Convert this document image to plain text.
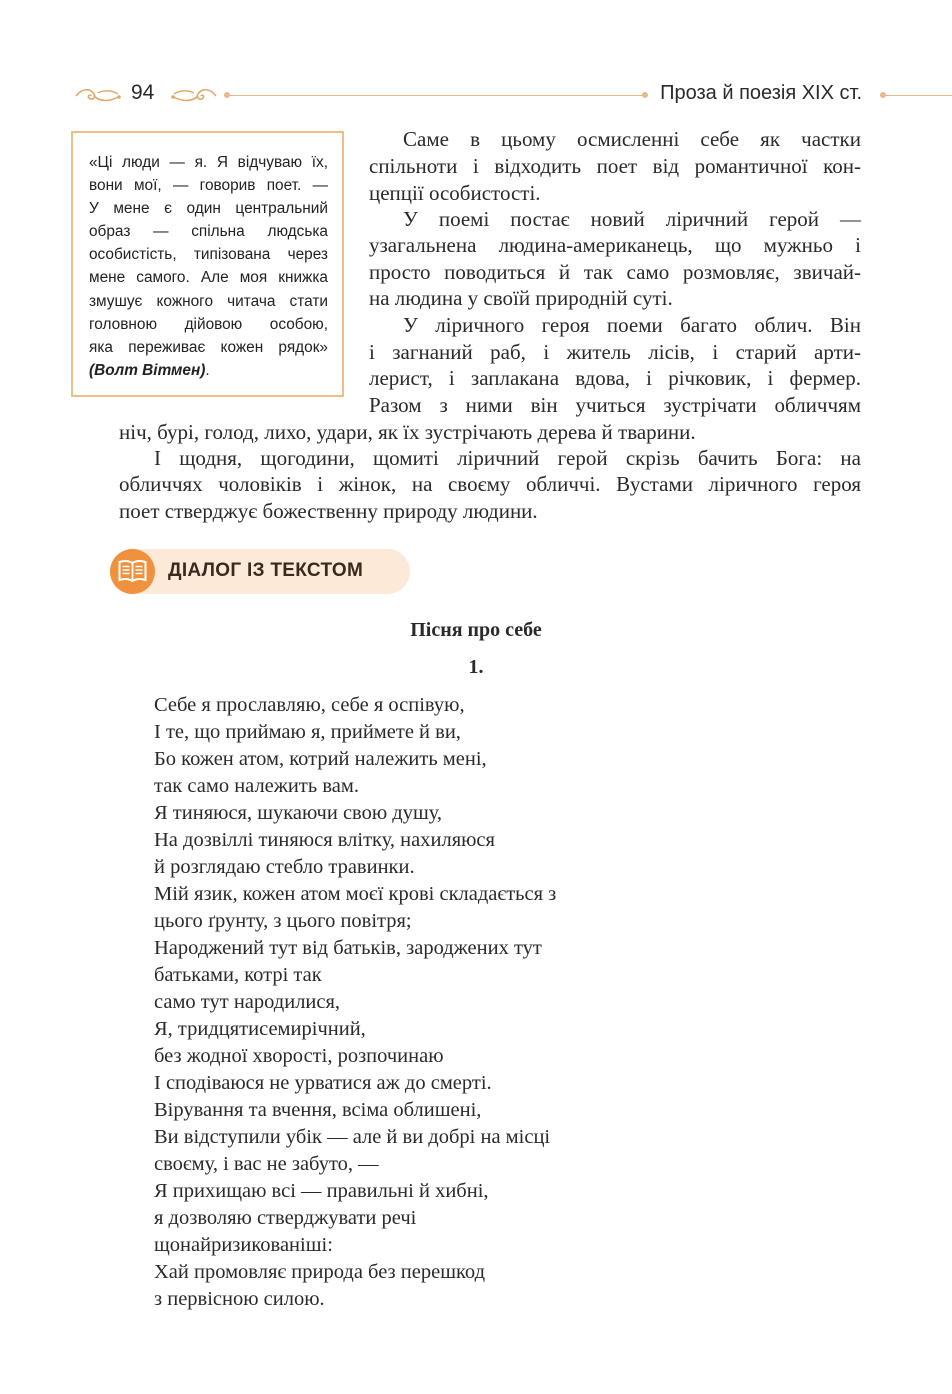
94	Проза й поезія XIX ст.
«Ці люди — я. Я відчуваю їх,
вони мої, — говорив поет. —
У мене є один центральний
образ — спільна людська
особистість, типізована через
мене самого. Але моя книжка
змушує кожного читача стати
головною дійовою особою,
яка переживає кожен рядок»
(Волт Вітмен).
Саме в цьому осмисленні себе як частки
спільноти і відходить поет від романтичної кон-
цепції особистості.
У поемі постає новий ліричний герой —
узагальнена людина-американець, що мужньо і
просто поводиться й так само розмовляє, звичай-
на людина у своїй природній суті.
У ліричного героя поеми багато облич. Він
і загнаний раб, і житель лісів, і старий арти-
лерист, і заплакана вдова, і річковик, і фермер.
Разом з ними він учиться зустрічати обличчям
ніч, бурі, голод, лихо, удари, як їх зустрічають дерева й тварини.
І щодня, щогодини, щомиті ліричний герой скрізь бачить Бога: на
обличчях чоловіків і жінок, на своєму обличчі. Вустами ліричного героя
поет стверджує божественну природу людини.
ДІАЛОГ ІЗ ТЕКСТОМ
Пісня про себе
1.
Себе я прославляю, себе я оспівую,
І те, що приймаю я, приймете й ви,
Бо кожен атом, котрий належить мені,
так само належить вам.
Я тиняюся, шукаючи свою душу,
На дозвіллі тиняюся влітку, нахиляюся
й розглядаю стебло травинки.
Мій язик, кожен атом моєї крові складається з
цього ґрунту, з цього повітря;
Народжений тут від батьків, зароджених тут
батьками, котрі так
само тут народилися,
Я, тридцятисемирічний,
без жодної хворості, розпочинаю
І сподіваюся не урватися аж до смерті.
Вірування та вчення, всіма облишені,
Ви відступили убік — але й ви добрі на місці
своєму, і вас не забуто, —
Я прихищаю всі — правильні й хибні,
я дозволяю стверджувати речі
щонайризикованіші:
Хай промовляє природа без перешкод
з первісною силою.
